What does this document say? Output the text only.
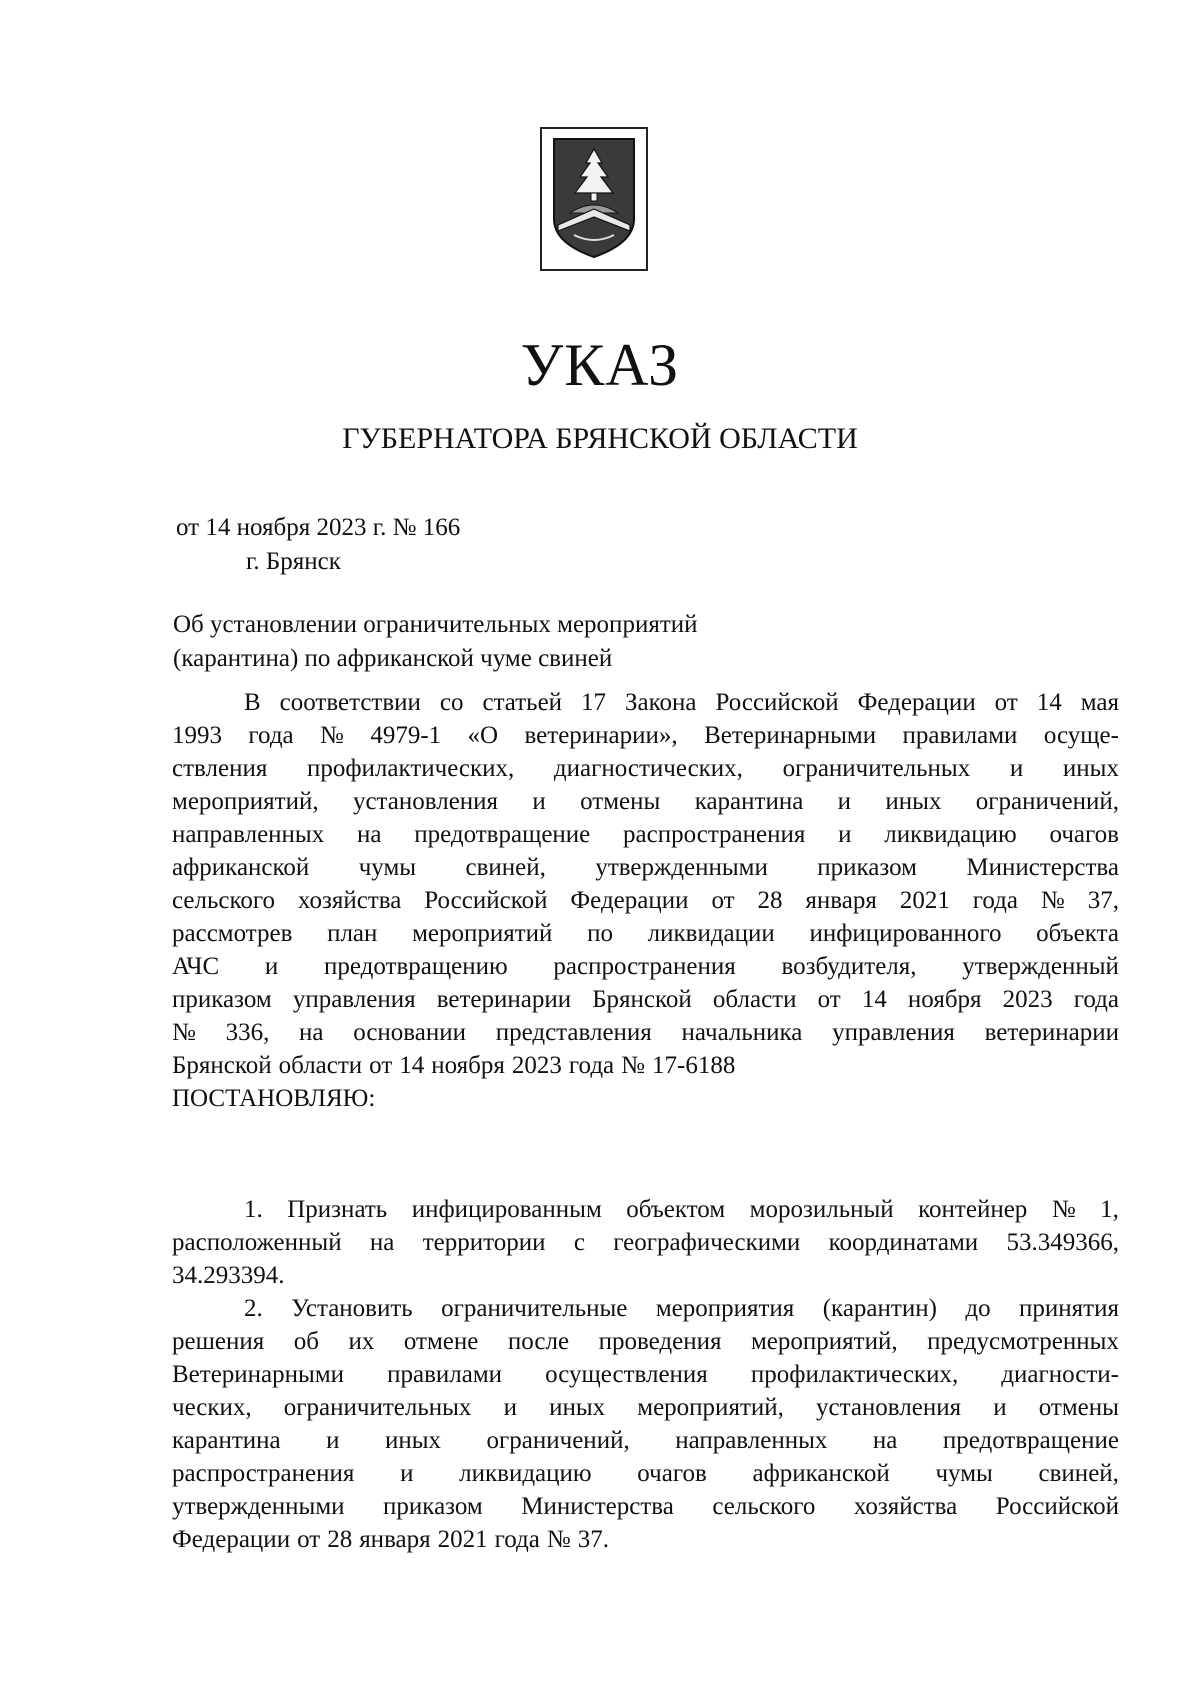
УКАЗ
ГУБЕРНАТОРА БРЯНСКОЙ ОБЛАСТИ
от 14 ноября 2023 г. № 166
г. Брянск
Об установлении ограничительных мероприятий
(карантина) по африканской чуме свиней
В соответствии со статьей 17 Закона Российской Федерации от 14 мая
1993 года № 4979-1 «О ветеринарии», Ветеринарными правилами осуще-
ствления профилактических, диагностических, ограничительных и иных
мероприятий, установления и отмены карантина и иных ограничений,
направленных на предотвращение распространения и ликвидацию очагов
африканской чумы свиней, утвержденными приказом Министерства
сельского хозяйства Российской Федерации от 28 января 2021 года № 37,
рассмотрев план мероприятий по ликвидации инфицированного объекта
АЧС и предотвращению распространения возбудителя, утвержденный
приказом управления ветеринарии Брянской области от 14 ноября 2023 года
№ 336, на основании представления начальника управления ветеринарии
Брянской области от 14 ноября 2023 года № 17-6188
ПОСТАНОВЛЯЮ:
1. Признать инфицированным объектом морозильный контейнер № 1,
расположенный на территории с географическими координатами 53.349366,
34.293394.
2. Установить ограничительные мероприятия (карантин) до принятия
решения об их отмене после проведения мероприятий, предусмотренных
Ветеринарными правилами осуществления профилактических, диагности-
ческих, ограничительных и иных мероприятий, установления и отмены
карантина и иных ограничений, направленных на предотвращение
распространения и ликвидацию очагов африканской чумы свиней,
утвержденными приказом Министерства сельского хозяйства Российской
Федерации от 28 января 2021 года № 37.
